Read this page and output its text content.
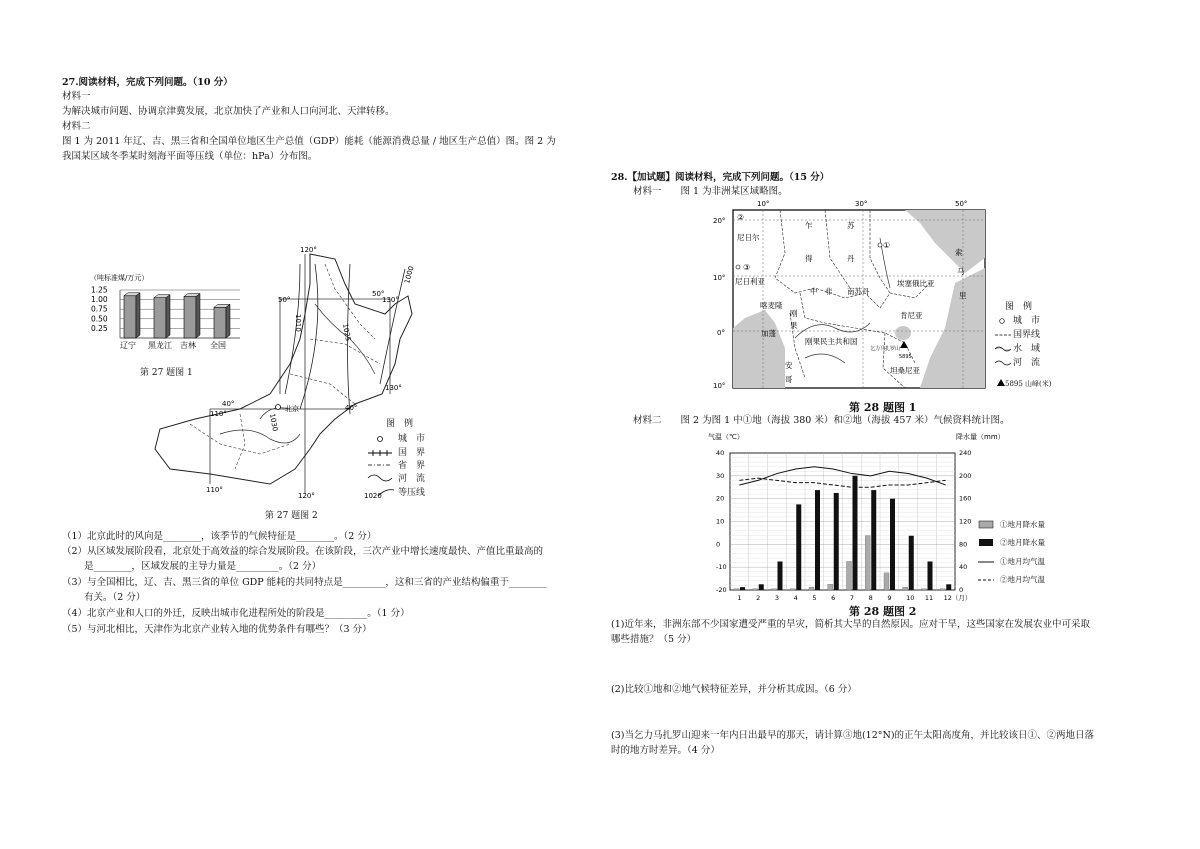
27.阅读材料，完成下列问题。（10 分）
材料一
为解决城市问题、协调京津冀发展，北京加快了产业和人口向河北、天津转移。
材料二
图 1 为 2011 年辽、吉、黑三省和全国单位地区生产总值（GDP）能耗（能源消费总量 / 地区生产总值）图。图 2 为
我国某区域冬季某时刻海平面等压线（单位：hPa）分布图。
（吨标准煤/万元）
1.25
1.00
0.75
0.50
0.25
辽宁 黑龙江 吉林 全国
第 27 题图 1
120°
50°
50°
130°
130°
40°
40°
110°
110°
120°
1000
1010
1025
1030
北京
图　例
1020
城　市
国　界
省　界
河　流
等压线
第 27 题图 2
（1）北京此时的风向是________，该季节的气候特征是________。（2 分）
（2）从区域发展阶段看，北京处于高效益的综合发展阶段。在该阶段，三次产业中增长速度最快、产值比重最高的
是________，区域发展的主导力量是_________。（2 分）
（3）与全国相比，辽、吉、黑三省的单位 GDP 能耗的共同特点是_________，这和三省的产业结构偏重于________
有关。（2 分）
（4）北京产业和人口的外迁，反映出城市化进程所处的阶段是_________。（1 分）
（5）与河北相比，天津作为北京产业转入地的优势条件有哪些？（3 分）
28.【加试题】阅读材料，完成下列问题。（15 分）
材料一　　图 1 为非洲某区域略图。
10°	30°	50°
20°
10°
0°
10°
尼日尔
乍
得
苏
丹
尼日利亚
中　非 南苏丹
埃塞俄比亚
索
马
里
喀麦隆
刚
果
加蓬
刚果民主共和国
肯尼亚
坦桑尼亚
安
哥
①
②
③
乞力马扎罗山
5895
图　例
城　市
国界线
水　域
河　流
5895 山峰(米)
第 28 题图 1
材料二　　图 2 为图 1 中①地（海拔 380 米）和②地（海拔 457 米）气候资料统计图。
气温（℃）	降水量（mm）
40
30
20
10
0
-10
-20
240
200
160
120
80
40
0
1 2 3 4 5 6 7 8 9 10 11 12（月）
①地月降水量
②地月降水量
①地月均气温
②地月均气温
第 28 题图 2
(1)近年来，非洲东部不少国家遭受严重的旱灾，简析其大旱的自然原因。应对干旱，这些国家在发展农业中可采取
哪些措施？（5 分）
(2)比较①地和②地气候特征差异，并分析其成因。（6 分）
(3)当乞力马扎罗山迎来一年内日出最早的那天，请计算③地(12°N)的正午太阳高度角，并比较该日①、②两地日落
时的地方时差异。（4 分）
